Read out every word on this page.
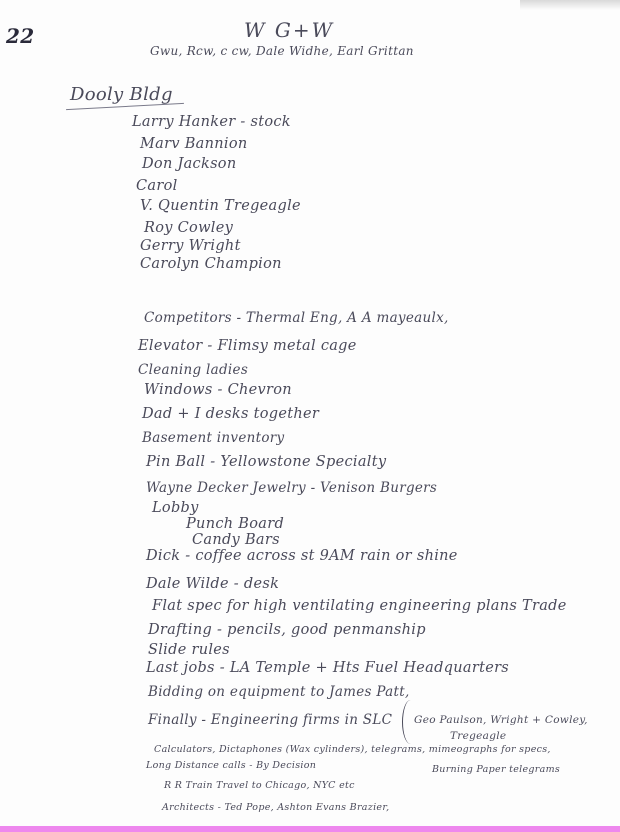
22	W G+W
Gwu, Rcw, c cw, Dale Widhe, Earl Grittan
Dooly Bldg
Larry Hanker - stock
Marv Bannion
Don Jackson
Carol
V. Quentin Tregeagle
Roy Cowley
Gerry Wright
Carolyn Champion
Competitors - Thermal Eng, A A mayeaulx,
Elevator - Flimsy metal cage
Cleaning ladies
Windows - Chevron
Dad + I desks together
Basement inventory
Pin Ball - Yellowstone Specialty
Wayne Decker Jewelry - Venison Burgers
Lobby
Punch Board
Candy Bars
Dick - coffee across st 9AM rain or shine
Dale Wilde - desk
Flat spec for high ventilating engineering plans Trade
Drafting - pencils, good penmanship
Slide rules
Last jobs - LA Temple + Hts Fuel Headquarters
Bidding on equipment to James Patt,
Finally - Engineering firms in SLC Geo Paulson, Wright + Cowley,
Tregeagle
Calculators, Dictaphones (Wax cylinders), telegrams, mimeographs for specs,
Burning Paper telegrams
Long Distance calls - By Decision
R R Train Travel to Chicago, NYC etc
Architects - Ted Pope, Ashton Evans Brazier,
